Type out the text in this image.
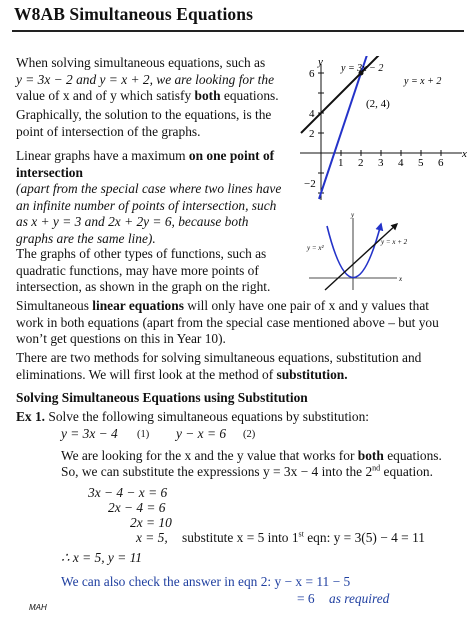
W8AB Simultaneous Equations
When solving simultaneous equations, such as
y = 3x − 2 and y = x + 2, we are looking for the
value of x and of y which satisfy both equations.
Graphically, the solution to the equations, is the
point of intersection of the graphs.
Linear graphs have a maximum on one point of
intersection
(apart from the special case where two lines have
an infinite number of points of intersection, such
as x + y = 3 and 2x + 2y = 6, because both
graphs are the same line).
The graphs of other types of functions, such as
quadratic functions, may have more points of
intersection, as shown in the graph on the right.
Simultaneous linear equations will only have one pair of x and y values that
work in both equations (apart from the special case mentioned above – but you
won’t get questions on this in Year 10).
There are two methods for solving simultaneous equations, substitution and
eliminations. We will first look at the method of substitution.
Solving Simultaneous Equations using Substitution
Ex 1. Solve the following simultaneous equations by substitution:
y = 3x − 4 (1) y − x = 6 (2)
We are looking for the x and the y value that works for both equations.
So, we can substitute the expressions y = 3x − 4 into the 2nd equation.
3x − 4 − x = 6
2x − 4 = 6
2x = 10
x = 5, substitute x = 5 into 1st eqn: y = 3(5) − 4 = 11
∴ x = 5, y = 11
We can also check the answer in eqn 2: y − x = 11 − 5
= 6 as required
MAH
y
x
6
4
2
−2
1 2 3 4 5 6
y = 3x − 2
y = x + 2
(2, 4)
y
x
y = x²
y = x + 2
